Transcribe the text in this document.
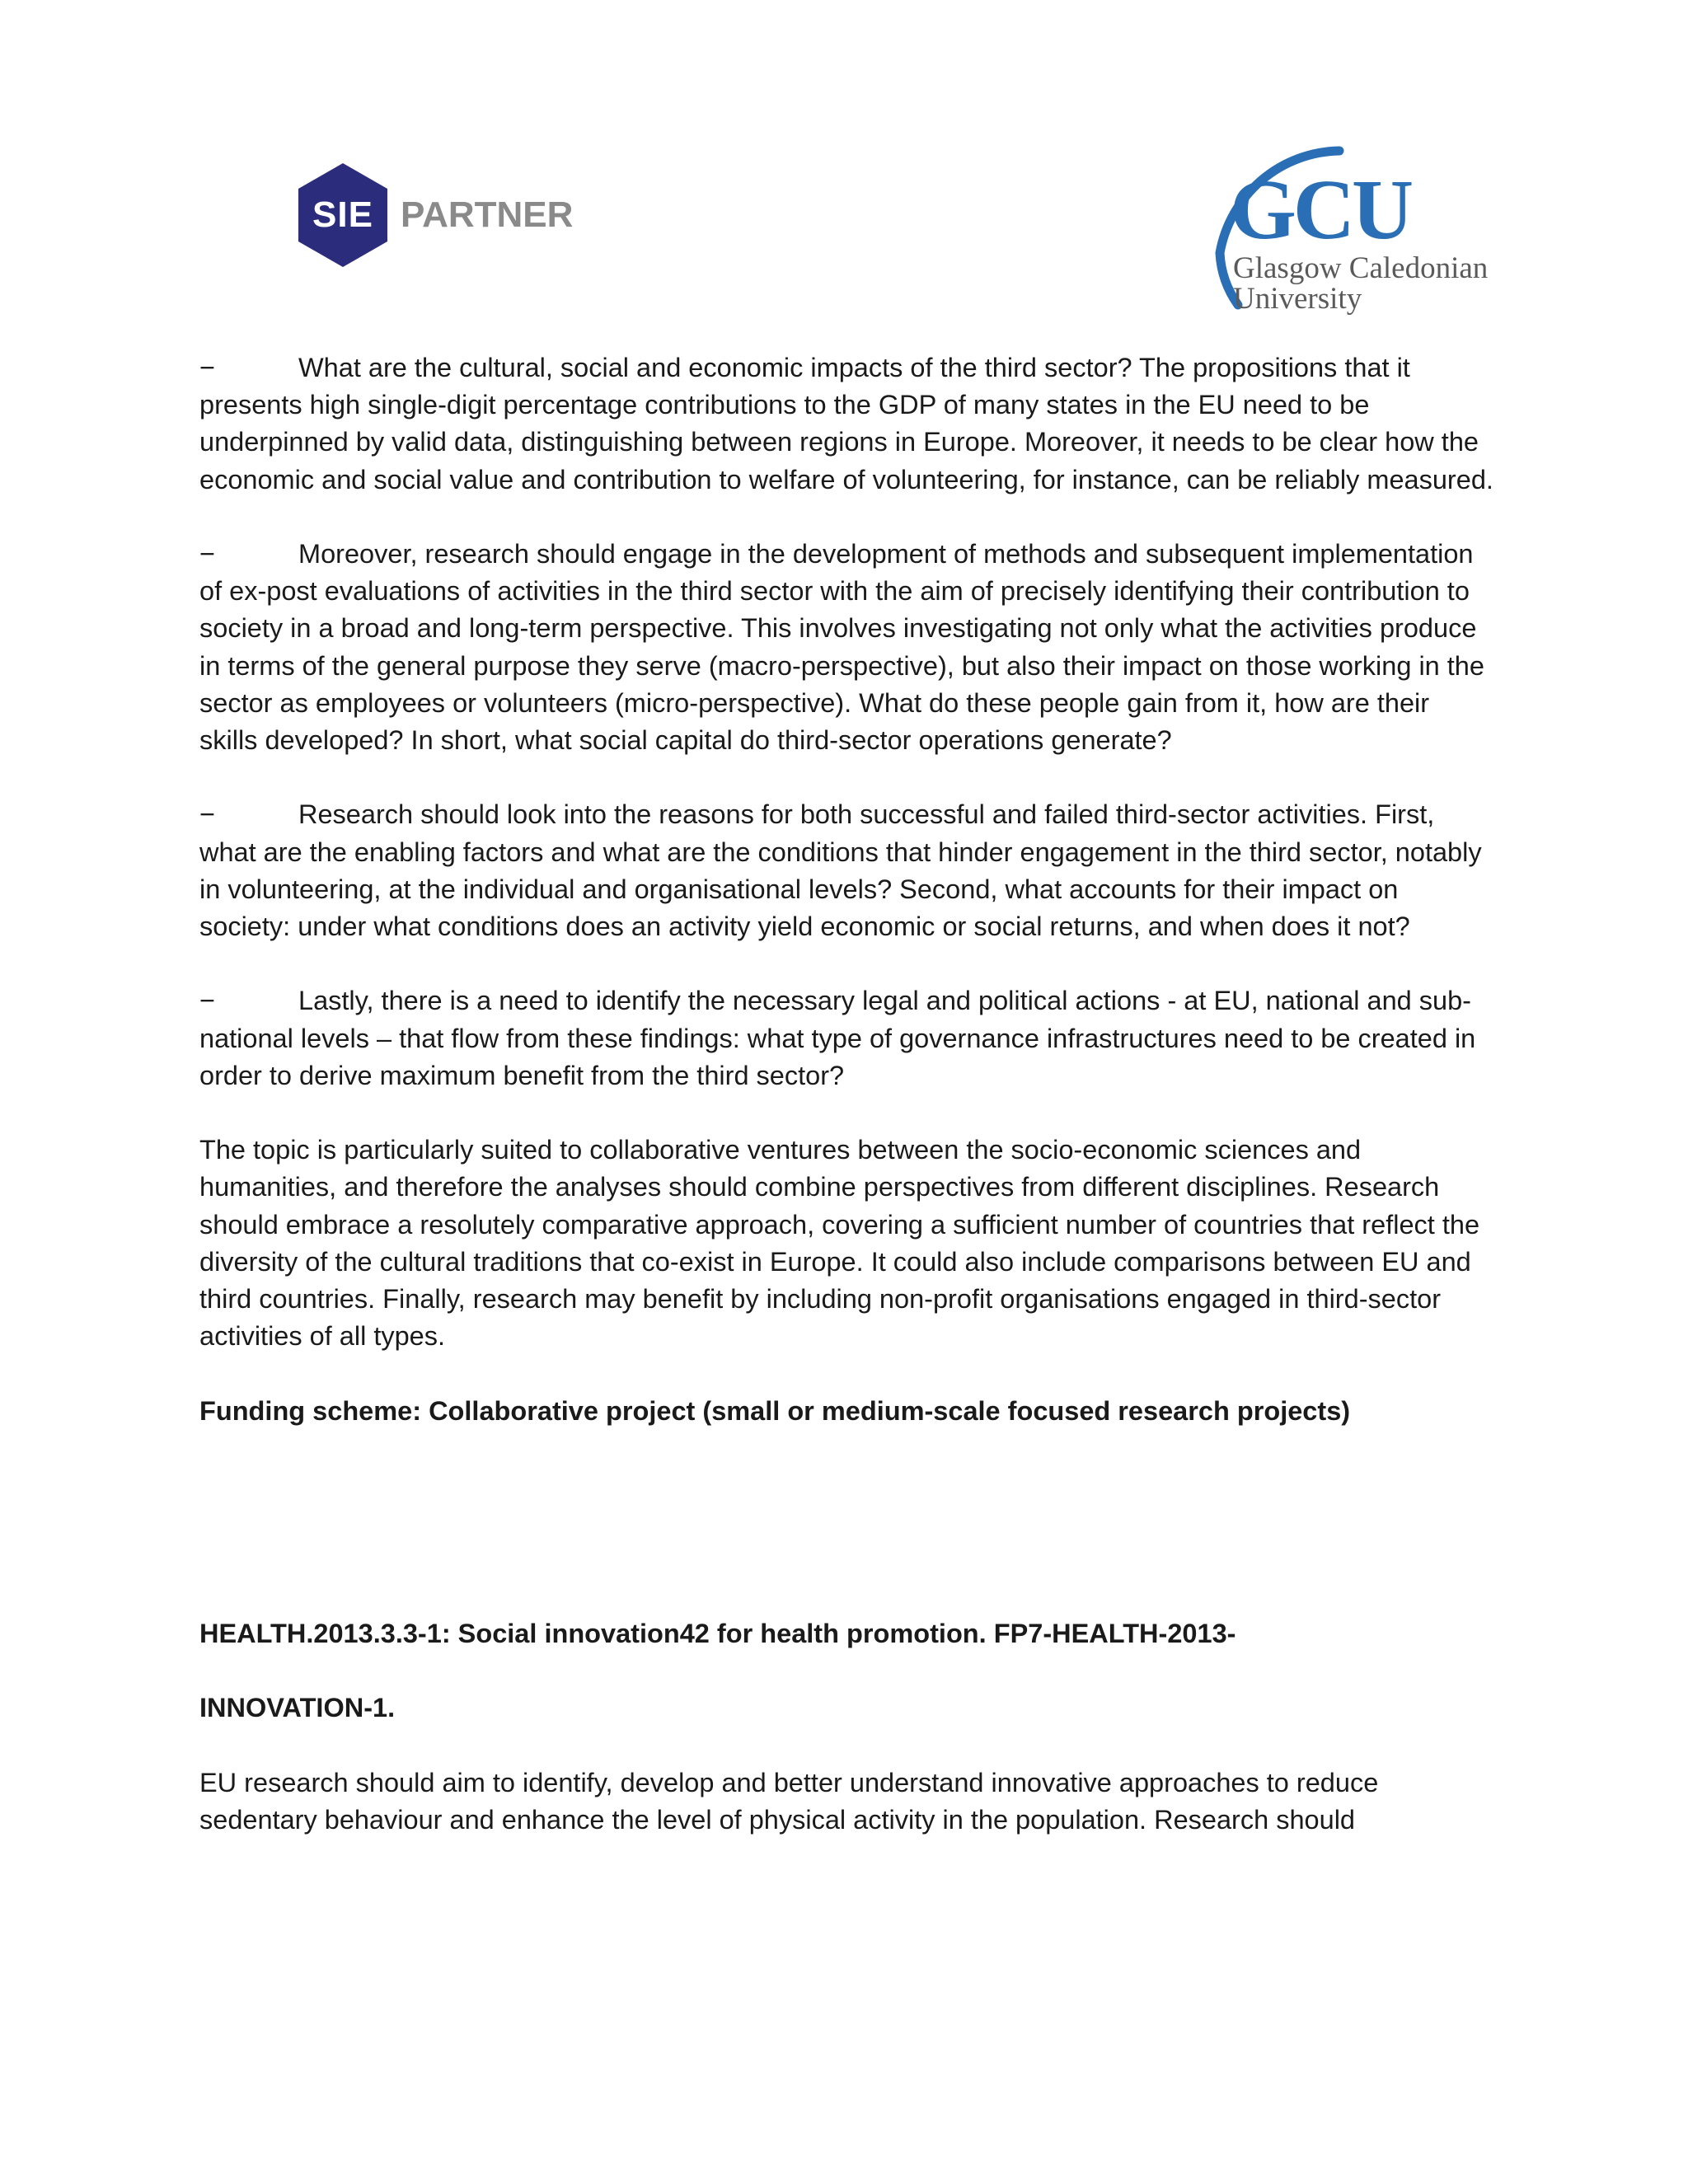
SIE PARTNER	GCU
Glasgow Caledonian
University

−	What are the cultural, social and economic impacts of the third sector? The propositions that it presents high single-digit percentage contributions to the GDP of many states in the EU need to be underpinned by valid data, distinguishing between regions in Europe. Moreover, it needs to be clear how the economic and social value and contribution to welfare of volunteering, for instance, can be reliably measured.

−	Moreover, research should engage in the development of methods and subsequent implementation of ex-post evaluations of activities in the third sector with the aim of precisely identifying their contribution to society in a broad and long-term perspective. This involves investigating not only what the activities produce in terms of the general purpose they serve (macro-perspective), but also their impact on those working in the sector as employees or volunteers (micro-perspective). What do these people gain from it, how are their skills developed? In short, what social capital do third-sector operations generate?

−	Research should look into the reasons for both successful and failed third-sector activities. First, what are the enabling factors and what are the conditions that hinder engagement in the third sector, notably in volunteering, at the individual and organisational levels? Second, what accounts for their impact on society: under what conditions does an activity yield economic or social returns, and when does it not?

−	Lastly, there is a need to identify the necessary legal and political actions - at EU, national and sub-national levels – that flow from these findings: what type of governance infrastructures need to be created in order to derive maximum benefit from the third sector?

The topic is particularly suited to collaborative ventures between the socio-economic sciences and humanities, and therefore the analyses should combine perspectives from different disciplines. Research should embrace a resolutely comparative approach, covering a sufficient number of countries that reflect the diversity of the cultural traditions that co-exist in Europe. It could also include comparisons between EU and third countries. Finally, research may benefit by including non-profit organisations engaged in third-sector activities of all types.

Funding scheme: Collaborative project (small or medium-scale focused research projects)

HEALTH.2013.3.3-1: Social innovation42 for health promotion. FP7-HEALTH-2013-

INNOVATION-1.

EU research should aim to identify, develop and better understand innovative approaches to reduce sedentary behaviour and enhance the level of physical activity in the population. Research should
